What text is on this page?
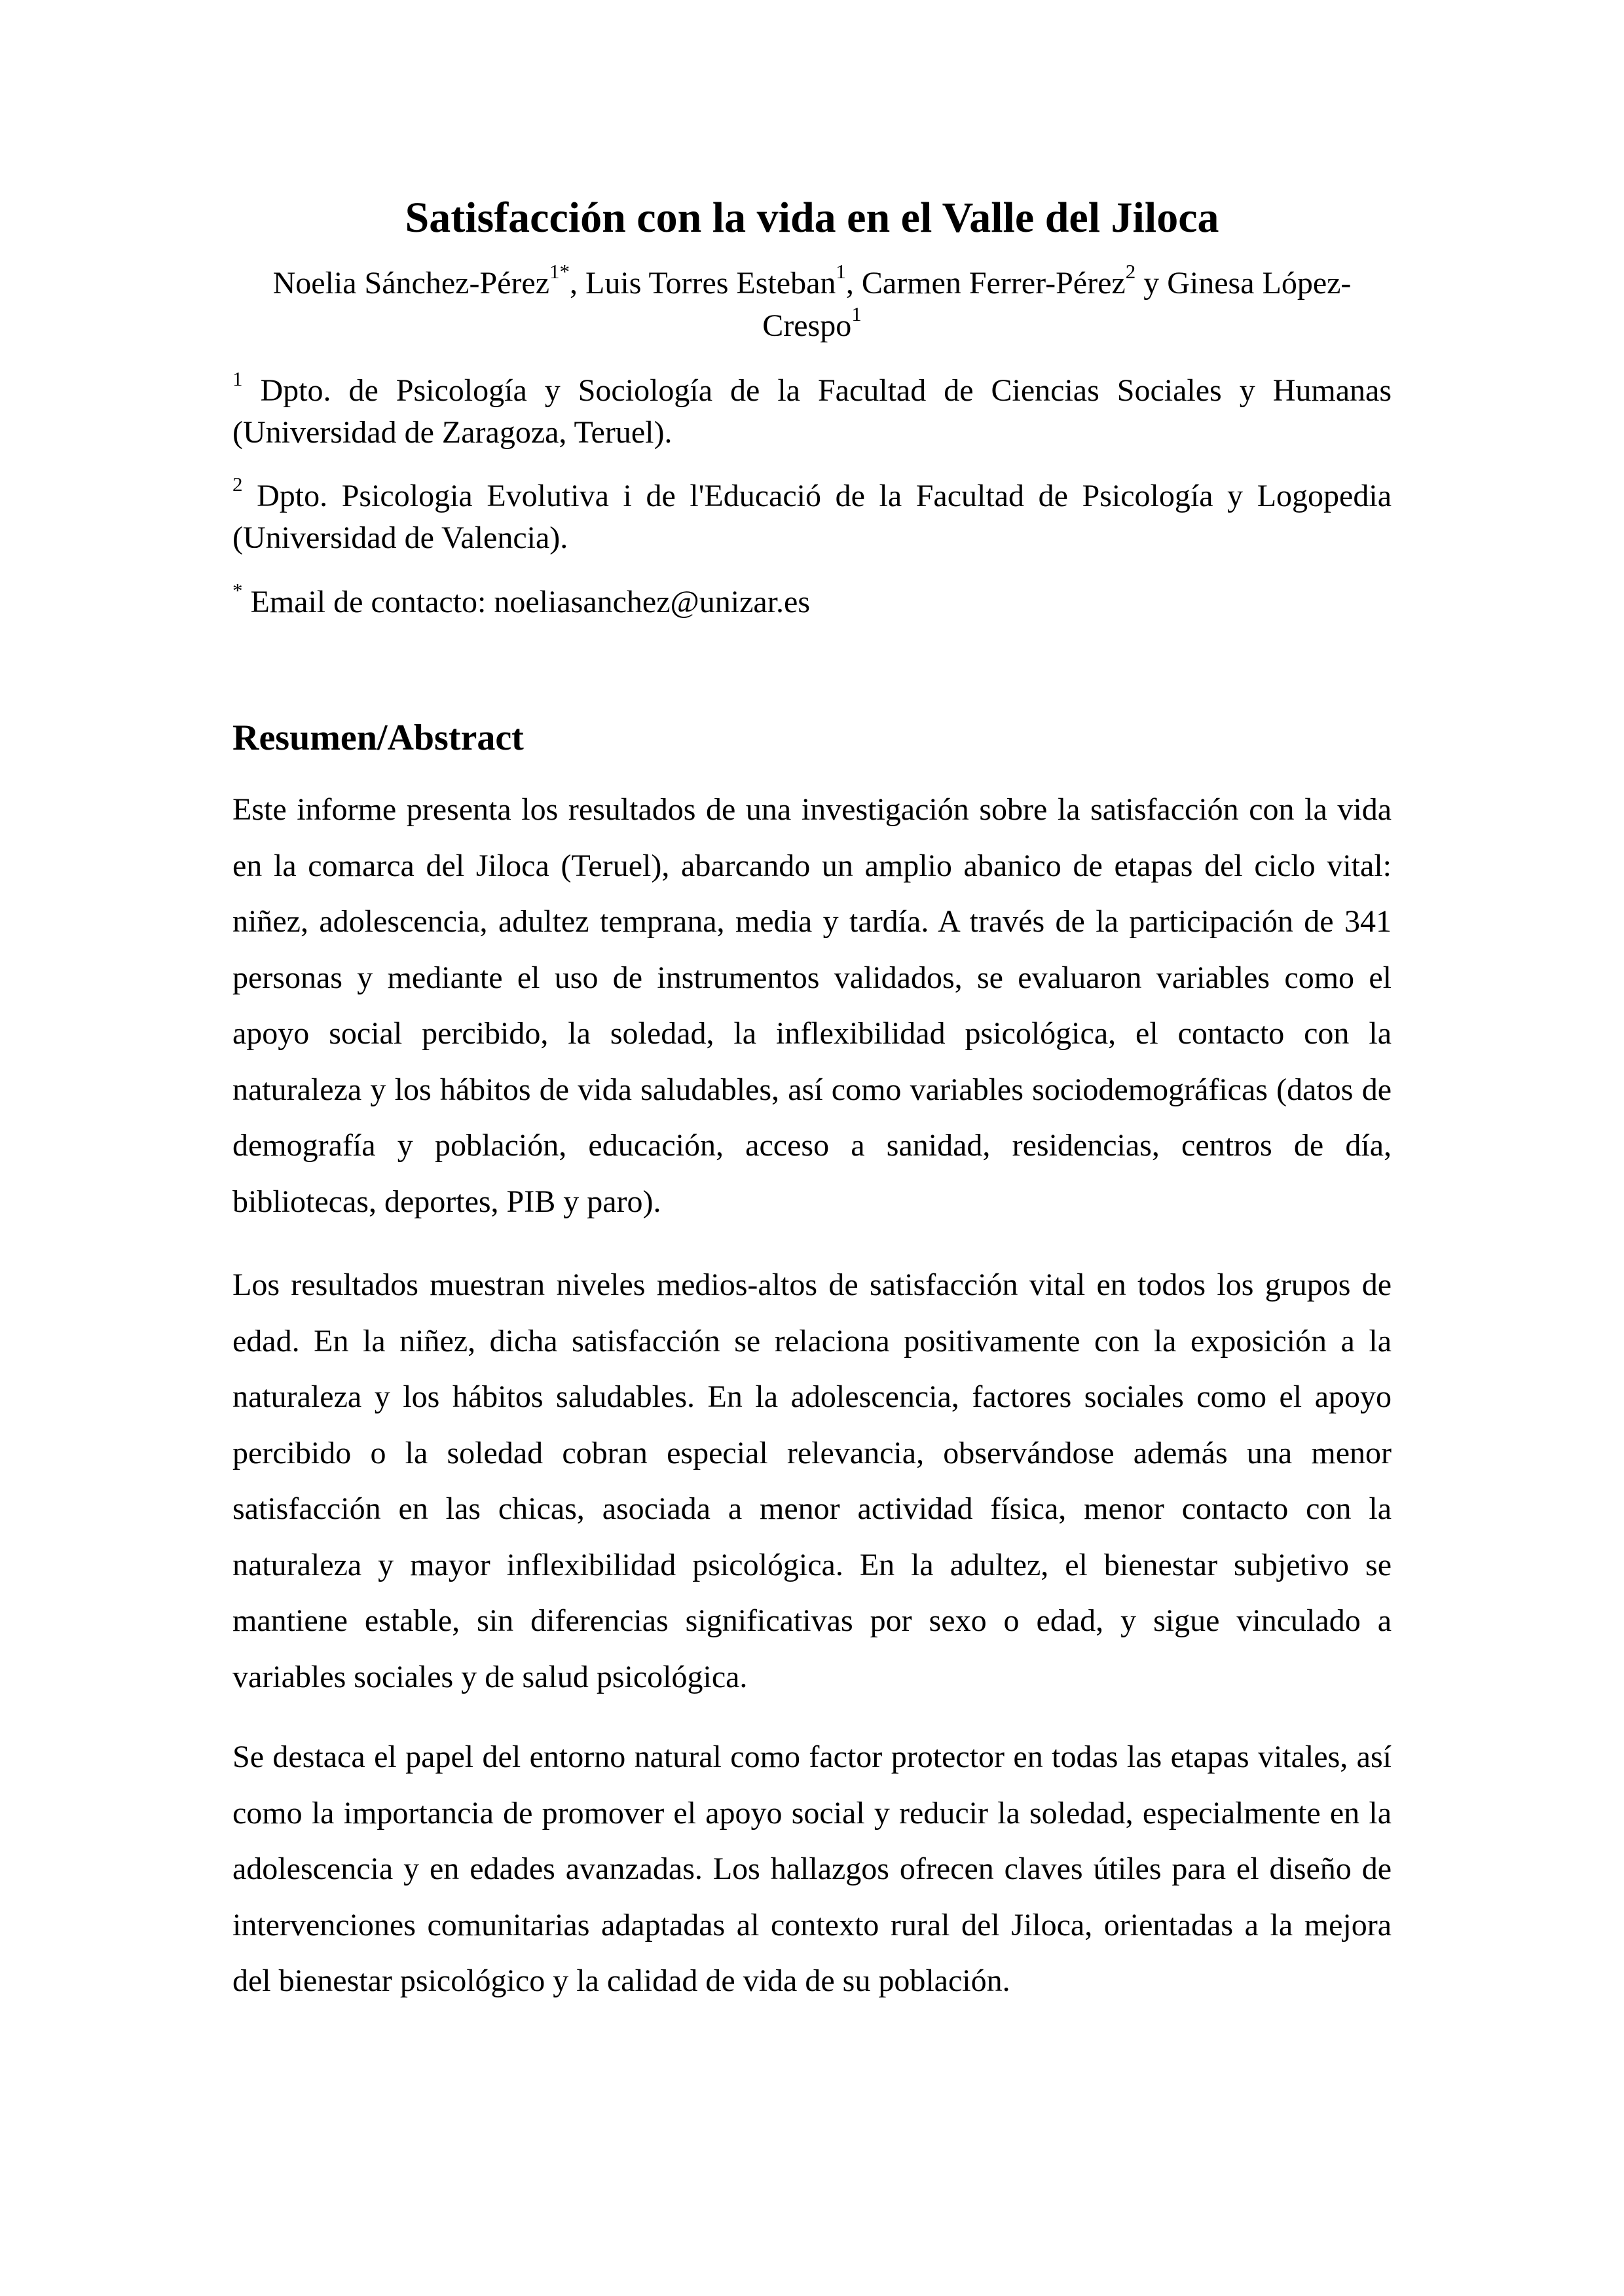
Satisfacción con la vida en el Valle del Jiloca

Noelia Sánchez-Pérez$^{1*}$, Luis Torres Esteban$^1$, Carmen Ferrer-Pérez$^2$ y Ginesa López-Crespo$^1$

$^1$ Dpto. de Psicología y Sociología de la Facultad de Ciencias Sociales y Humanas (Universidad de Zaragoza, Teruel).

$^2$ Dpto. Psicologia Evolutiva i de l'Educació de la Facultad de Psicología y Logopedia (Universidad de Valencia).

* Email de contacto: noeliasanchez@unizar.es

Resumen/Abstract

Este informe presenta los resultados de una investigación sobre la satisfacción con la vida en la comarca del Jiloca (Teruel), abarcando un amplio abanico de etapas del ciclo vital: niñez, adolescencia, adultez temprana, media y tardía. A través de la participación de 341 personas y mediante el uso de instrumentos validados, se evaluaron variables como el apoyo social percibido, la soledad, la inflexibilidad psicológica, el contacto con la naturaleza y los hábitos de vida saludables, así como variables sociodemográficas (datos de demografía y población, educación, acceso a sanidad, residencias, centros de día, bibliotecas, deportes, PIB y paro).

Los resultados muestran niveles medios-altos de satisfacción vital en todos los grupos de edad. En la niñez, dicha satisfacción se relaciona positivamente con la exposición a la naturaleza y los hábitos saludables. En la adolescencia, factores sociales como el apoyo percibido o la soledad cobran especial relevancia, observándose además una menor satisfacción en las chicas, asociada a menor actividad física, menor contacto con la naturaleza y mayor inflexibilidad psicológica. En la adultez, el bienestar subjetivo se mantiene estable, sin diferencias significativas por sexo o edad, y sigue vinculado a variables sociales y de salud psicológica.

Se destaca el papel del entorno natural como factor protector en todas las etapas vitales, así como la importancia de promover el apoyo social y reducir la soledad, especialmente en la adolescencia y en edades avanzadas. Los hallazgos ofrecen claves útiles para el diseño de intervenciones comunitarias adaptadas al contexto rural del Jiloca, orientadas a la mejora del bienestar psicológico y la calidad de vida de su población.
